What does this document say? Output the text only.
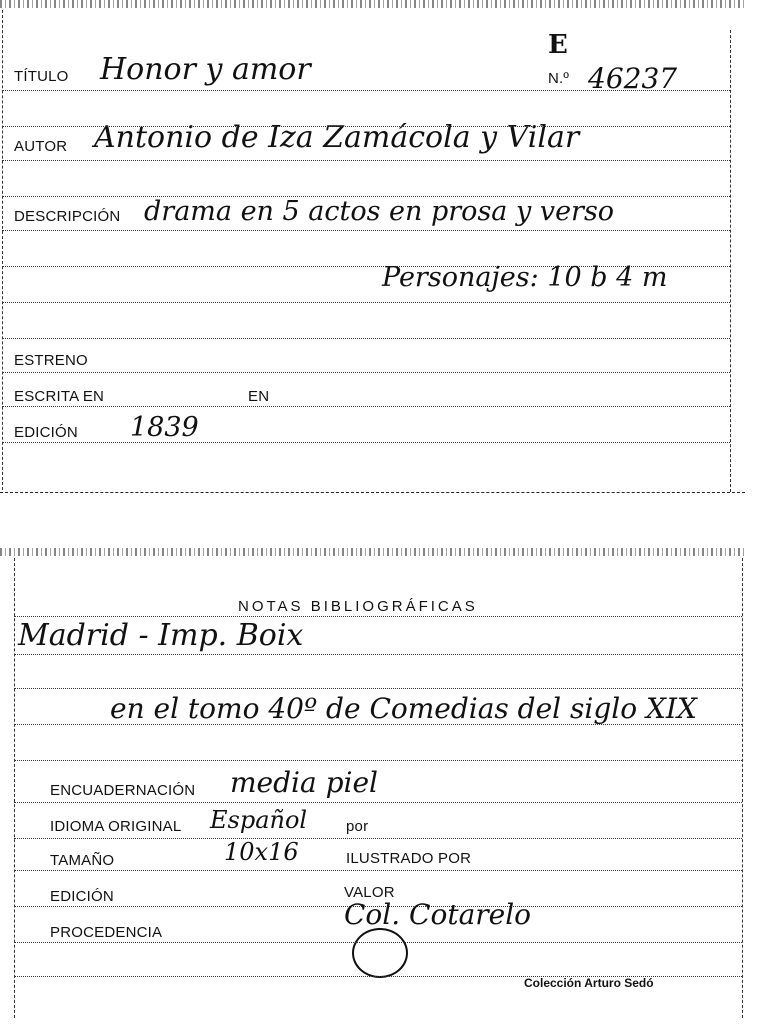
E
TÍTULO Honor y amor	N.º 46237
AUTOR Antonio de Iza Zamácola y Vilar
DESCRIPCIÓN drama en 5 actos en prosa y verso
Personajes: 10 b 4 m
ESTRENO
ESCRITA EN	EN
EDICIÓN 1839
NOTAS BIBLIOGRÁFICAS
Madrid - Imp. Boix
en el tomo 40º de Comedias del siglo XIX
ENCUADERNACIÓN media piel
IDIOMA ORIGINAL Español	por
TAMAÑO	10x16	ILUSTRADO POR
EDICIÓN	VALOR
PROCEDENCIA
Col. Cotarelo
Colección Arturo Sedó
